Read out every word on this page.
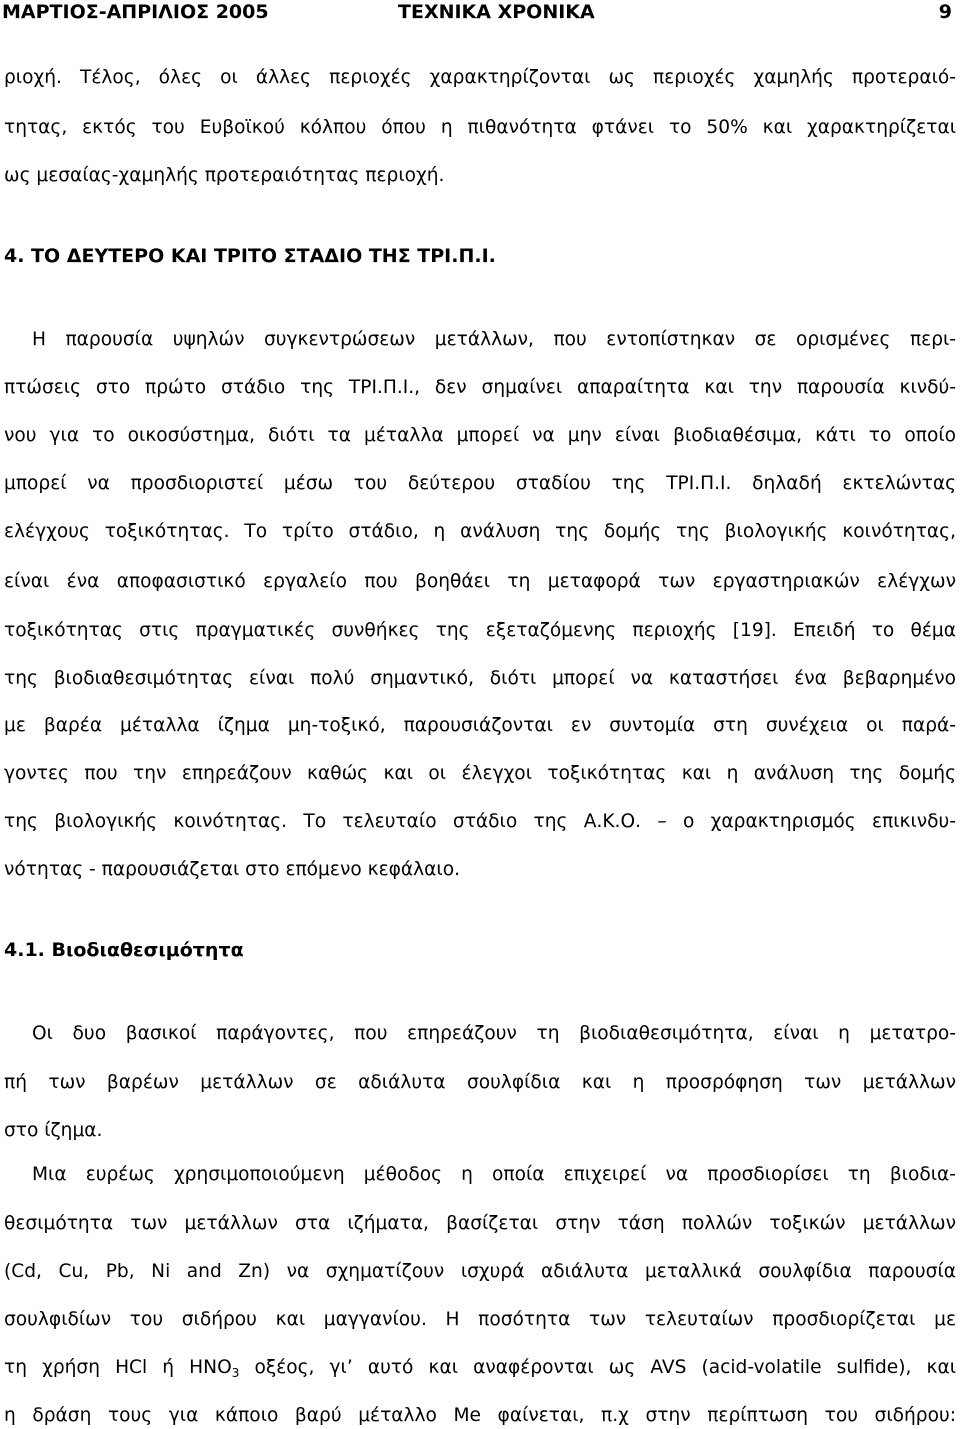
ΜΑΡΤΙΟΣ-ΑΠΡΙΛΙΟΣ 2005	ΤΕΧΝΙΚΑ ΧΡΟΝΙΚΑ	9
ριοχή. Τέλος, όλες οι άλλες περιοχές χαρακτηρίζονται ως περιοχές χαμηλής προτεραιό-
τητας, εκτός του Ευβοϊκού κόλπου όπου η πιθανότητα φτάνει το 50% και χαρακτηρίζεται
ως μεσαίας-χαμηλής προτεραιότητας περιοχή.
4. ΤΟ ΔΕΥΤΕΡΟ ΚΑΙ ΤΡΙΤΟ ΣΤΑΔΙΟ ΤΗΣ ΤΡΙ.Π.Ι.
Η παρουσία υψηλών συγκεντρώσεων μετάλλων, που εντοπίστηκαν σε ορισμένες περι-
πτώσεις στο πρώτο στάδιο της ΤΡΙ.Π.Ι., δεν σημαίνει απαραίτητα και την παρουσία κινδύ-
νου για το οικοσύστημα, διότι τα μέταλλα μπορεί να μην είναι βιοδιαθέσιμα, κάτι το οποίο
μπορεί να προσδιοριστεί μέσω του δεύτερου σταδίου της ΤΡΙ.Π.Ι. δηλαδή εκτελώντας
ελέγχους τοξικότητας. Το τρίτο στάδιο, η ανάλυση της δομής της βιολογικής κοινότητας,
είναι ένα αποφασιστικό εργαλείο που βοηθάει τη μεταφορά των εργαστηριακών ελέγχων
τοξικότητας στις πραγματικές συνθήκες της εξεταζόμενης περιοχής [19]. Επειδή το θέμα
της βιοδιαθεσιμότητας είναι πολύ σημαντικό, διότι μπορεί να καταστήσει ένα βεβαρημένο
με βαρέα μέταλλα ίζημα μη-τοξικό, παρουσιάζονται εν συντομία στη συνέχεια οι παρά-
γοντες που την επηρεάζουν καθώς και οι έλεγχοι τοξικότητας και η ανάλυση της δομής
της βιολογικής κοινότητας. Το τελευταίο στάδιο της Α.Κ.Ο. – ο χαρακτηρισμός επικινδυ-
νότητας - παρουσιάζεται στο επόμενο κεφάλαιο.
4.1. Βιοδιαθεσιμότητα
Οι δυο βασικοί παράγοντες, που επηρεάζουν τη βιοδιαθεσιμότητα, είναι η μετατρο-
πή των βαρέων μετάλλων σε αδιάλυτα σουλφίδια και η προσρόφηση των μετάλλων
στο ίζημα.
Μια ευρέως χρησιμοποιούμενη μέθοδος η οποία επιχειρεί να προσδιορίσει τη βιοδια-
θεσιμότητα των μετάλλων στα ιζήματα, βασίζεται στην τάση πολλών τοξικών μετάλλων
(Cd, Cu, Pb, Ni and Zn) να σχηματίζουν ισχυρά αδιάλυτα μεταλλικά σουλφίδια παρουσία
σουλφιδίων του σιδήρου και μαγγανίου. Η ποσότητα των τελευταίων προσδιορίζεται με
τη χρήση HCl ή $HNO_3$ οξέος, γι’ αυτό και αναφέρονται ως AVS (acid-volatile sulfide), και
η δράση τους για κάποιο βαρύ μέταλλο Me φαίνεται, π.χ στην περίπτωση του σιδήρου:
